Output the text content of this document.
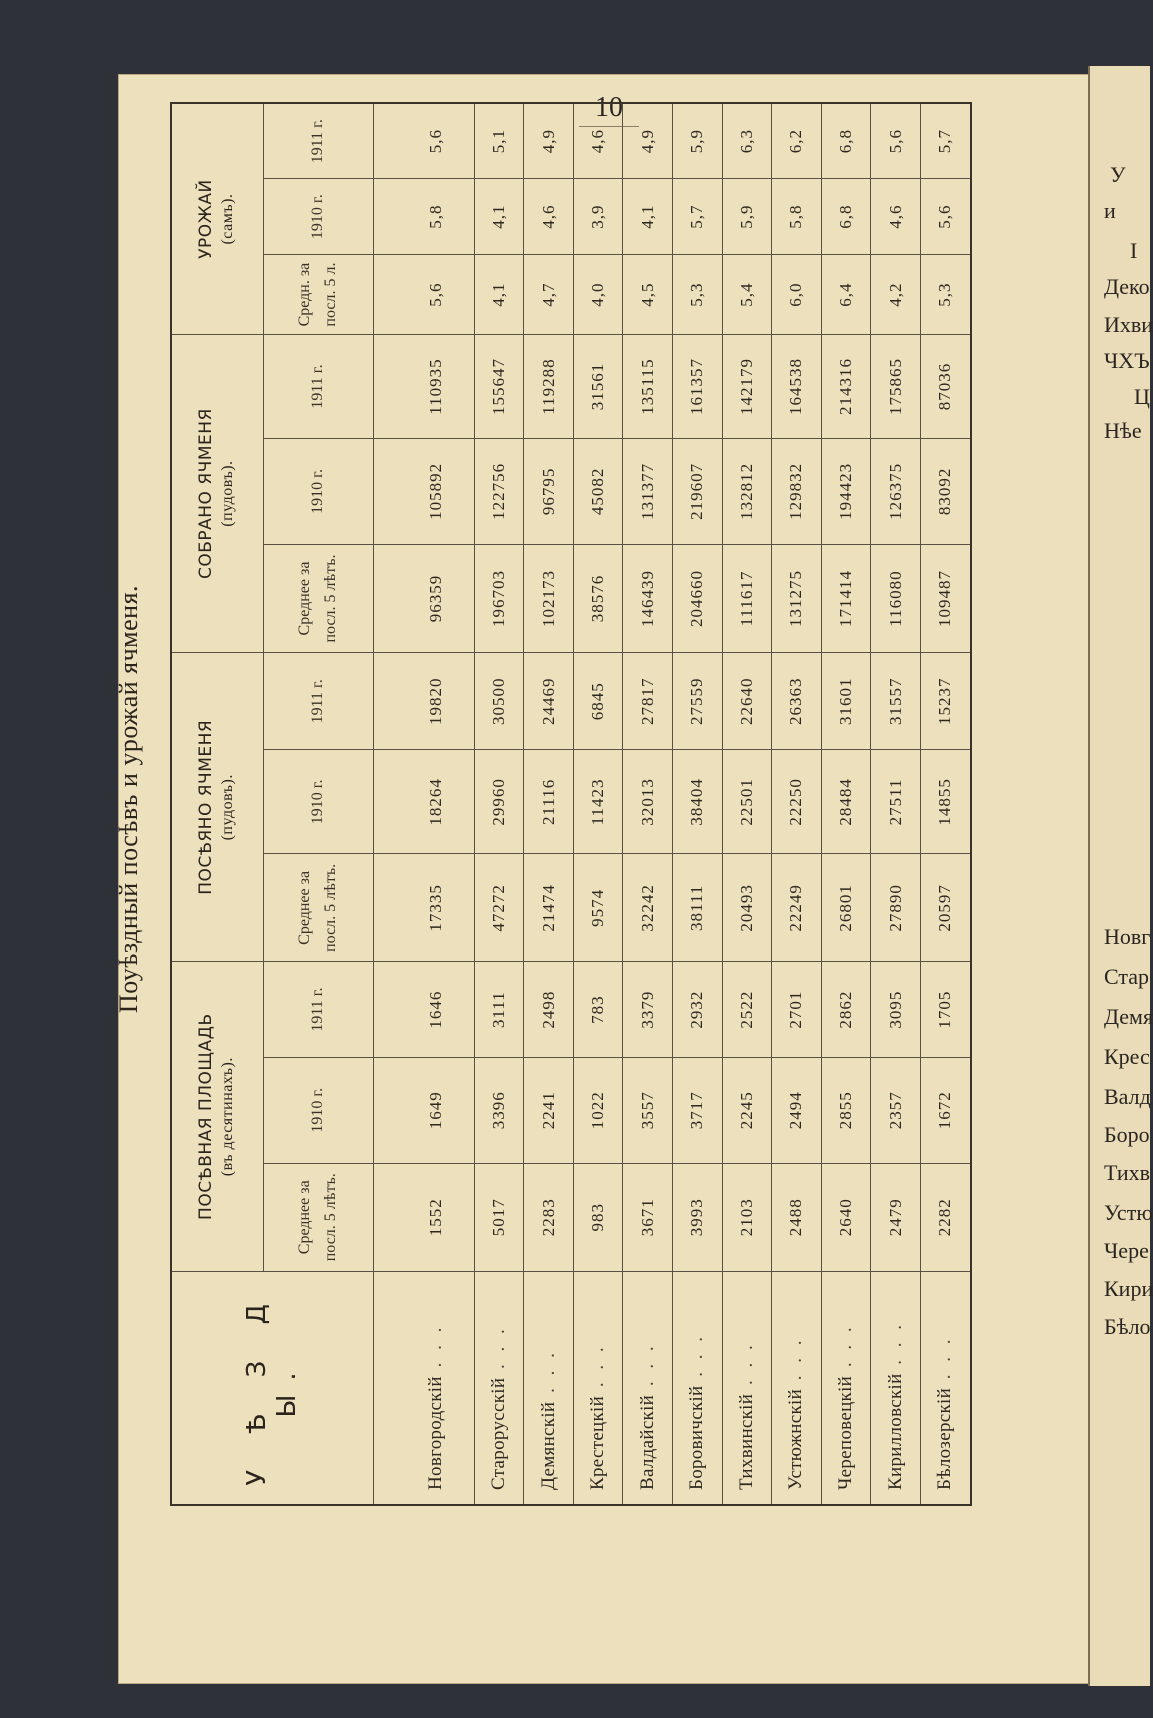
10
У
и
I
Деко
Ихви
ЧХЪ
Ц
Нѣе
Новг
Стар
Демя
Крес
Валд
Боро
Тихв
Устю
Чере
Кири
Бѣло
Поуѣздный посѣвъ и урожай ячменя.
У Ѣ З Д Ы.	ПОСѢВНАЯ ПЛОЩАДЬ (въ десятинахъ).			ПОСѢЯНО ЯЧМЕНЯ (пудовъ).			СОБРАНО ЯЧМЕНЯ (пудовъ).			УРОЖАЙ (самъ).		

	Среднее за посл. 5 лѣтъ.	1910 г.	1911 г.	Среднее за посл. 5 лѣтъ.	1910 г.	1911 г.	Среднее за посл. 5 лѣтъ.	1910 г.	1911 г.	Средн. за посл. 5 л.	1910 г.	1911 г.
Новгородскій . . .	1552	1649	1646	17335	18264	19820	96359	105892	110935	5,6	5,8	5,6
Старорусскій . . .	5017	3396	3111	47272	29960	30500	196703	122756	155647	4,1	4,1	5,1
Демянскій . . .	2283	2241	2498	21474	21116	24469	102173	96795	119288	4,7	4,6	4,9
Крестецкій . . .	983	1022	783	9574	11423	6845	38576	45082	31561	4,0	3,9	4,6
Валдайскій . . .	3671	3557	3379	32242	32013	27817	146439	131377	135115	4,5	4,1	4,9
Боровичскій . . .	3993	3717	2932	38111	38404	27559	204660	219607	161357	5,3	5,7	5,9
Тихвинскій . . .	2103	2245	2522	20493	22501	22640	111617	132812	142179	5,4	5,9	6,3
Устюжнскій . . .	2488	2494	2701	22249	22250	26363	131275	129832	164538	6,0	5,8	6,2
Череповецкій . . .	2640	2855	2862	26801	28484	31601	171414	194423	214316	6,4	6,8	6,8
Кирилловскій . . .	2479	2357	3095	27890	27511	31557	116080	126375	175865	4,2	4,6	5,6
Бѣлозерскій . . .	2282	1672	1705	20597	14855	15237	109487	83092	87036	5,3	5,6	5,7
